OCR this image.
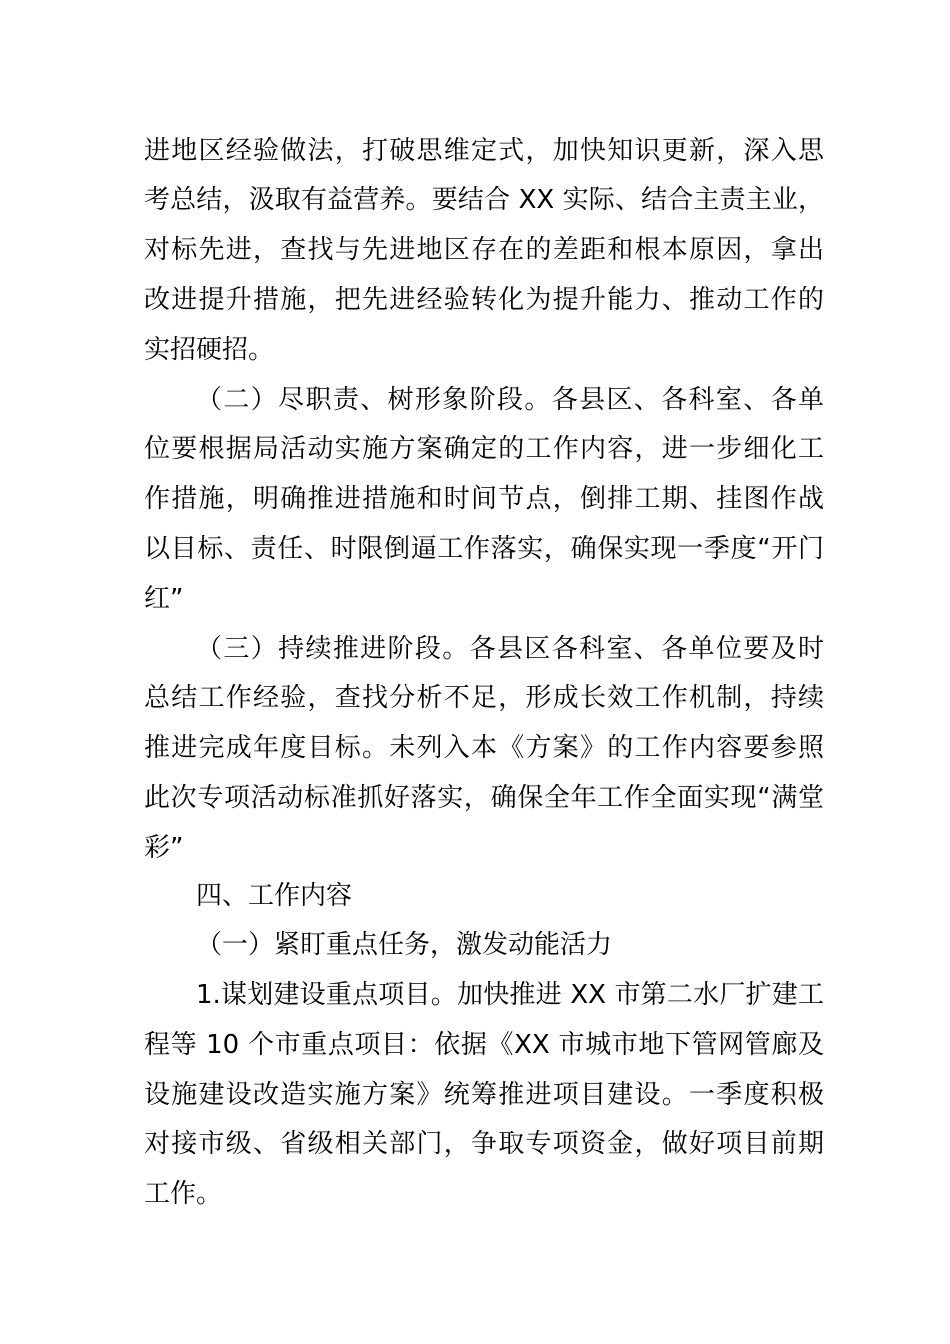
进地区经验做法，打破思维定式，加快知识更新，深入思
考总结，汲取有益营养。要结合 XX 实际、结合主责主业，
对标先进，查找与先进地区存在的差距和根本原因，拿出
改进提升措施，把先进经验转化为提升能力、推动工作的
实招硬招。
（二）尽职责、树形象阶段。各县区、各科室、各单
位要根据局活动实施方案确定的工作内容，进一步细化工
作措施，明确推进措施和时间节点，倒排工期、挂图作战
以目标、责任、时限倒逼工作落实，确保实现一季度“开门
红”
（三）持续推进阶段。各县区各科室、各单位要及时
总结工作经验，查找分析不足，形成长效工作机制，持续
推进完成年度目标。未列入本《方案》的工作内容要参照
此次专项活动标准抓好落实，确保全年工作全面实现“满堂
彩”
四、工作内容
（一）紧盯重点任务，激发动能活力
1.谋划建设重点项目。加快推进 XX 市第二水厂扩建工
程等 10 个市重点项目：依据《XX 市城市地下管网管廊及
设施建设改造实施方案》统筹推进项目建设。一季度积极
对接市级、省级相关部门，争取专项资金，做好项目前期
工作。
